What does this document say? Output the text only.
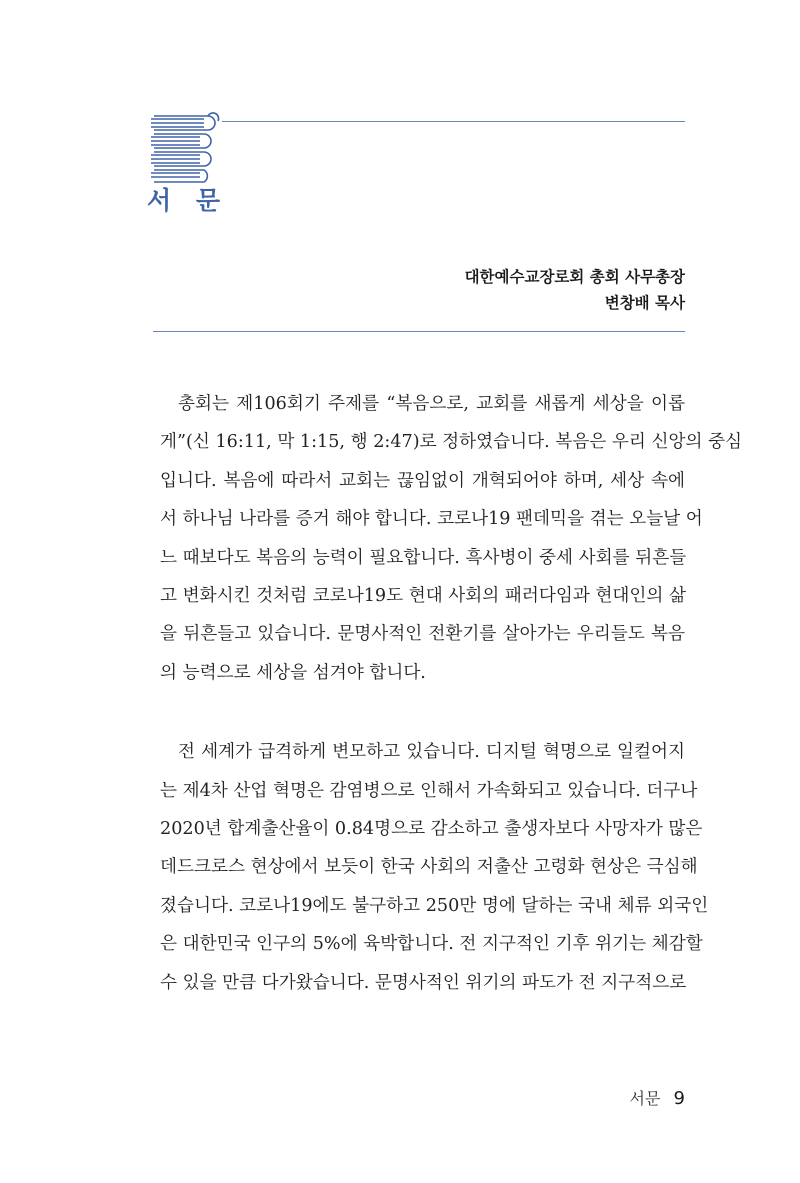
서 문
대한예수교장로회 총회 사무총장
변창배 목사

총회는 제106회기 주제를 “복음으로, 교회를 새롭게 세상을 이롭
게”(신 16:11, 막 1:15, 행 2:47)로 정하였습니다. 복음은 우리 신앙의 중심
입니다. 복음에 따라서 교회는 끊임없이 개혁되어야 하며, 세상 속에
서 하나님 나라를 증거 해야 합니다. 코로나19 팬데믹을 겪는 오늘날 어
느 때보다도 복음의 능력이 필요합니다. 흑사병이 중세 사회를 뒤흔들
고 변화시킨 것처럼 코로나19도 현대 사회의 패러다임과 현대인의 삶
을 뒤흔들고 있습니다. 문명사적인 전환기를 살아가는 우리들도 복음
의 능력으로 세상을 섬겨야 합니다.

전 세계가 급격하게 변모하고 있습니다. 디지털 혁명으로 일컬어지
는 제4차 산업 혁명은 감염병으로 인해서 가속화되고 있습니다. 더구나
2020년 합계출산율이 0.84명으로 감소하고 출생자보다 사망자가 많은
데드크로스 현상에서 보듯이 한국 사회의 저출산 고령화 현상은 극심해
졌습니다. 코로나19에도 불구하고 250만 명에 달하는 국내 체류 외국인
은 대한민국 인구의 5%에 육박합니다. 전 지구적인 기후 위기는 체감할
수 있을 만큼 다가왔습니다. 문명사적인 위기의 파도가 전 지구적으로

서문 9
